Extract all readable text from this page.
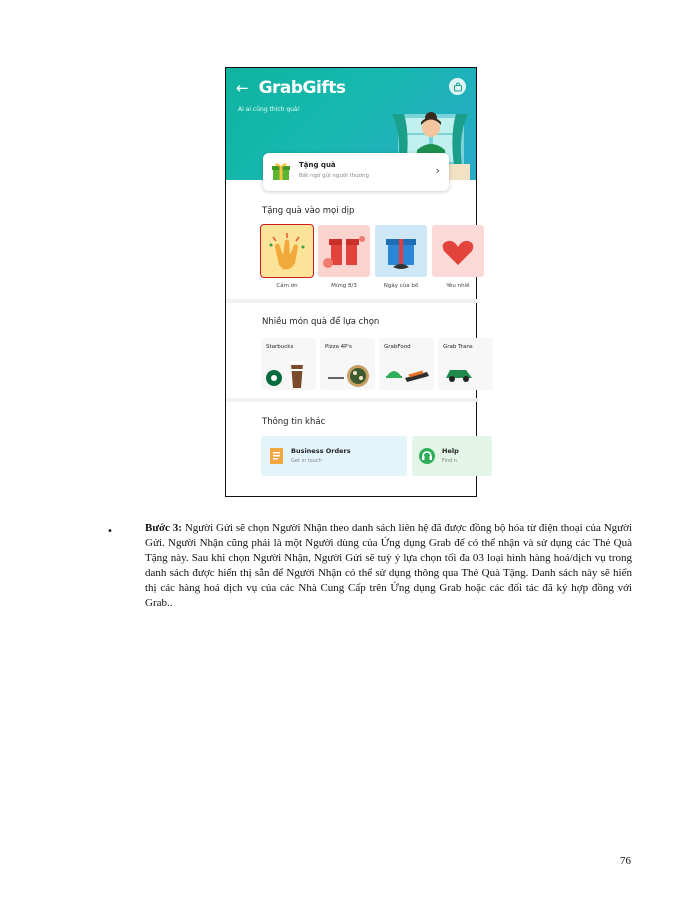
← GrabGifts
Ai ai cũng thích quà!
Tặng quà
Bất ngờ gửi người thương	›
Tặng quà vào mọi dịp
Cảm ơn	Mừng 8/3	Ngày của bố	Yêu nhiề
Nhiều món quà để lựa chọn
Starbucks	Pizza 4P's	GrabFood	Grab Trans
Thông tin khác
Business Orders
Get in touch
Help
Find n
•	Bước 3: Người Gửi sẽ chọn Người Nhận theo danh sách liên hệ đã được đồng bộ hóa từ điện thoại của Người Gửi. Người Nhận cũng phải là một Người dùng của Ứng dụng Grab để có thể nhận và sử dụng các Thẻ Quà Tặng này. Sau khi chọn Người Nhận, Người Gửi sẽ tuỳ ý lựa chọn tối đa 03 loại hình hàng hoá/dịch vụ trong danh sách được hiển thị sẵn để Người Nhận có thể sử dụng thông qua Thẻ Quà Tặng. Danh sách này sẽ hiển thị các hàng hoá dịch vụ của các Nhà Cung Cấp trên Ứng dụng Grab hoặc các đối tác đã ký hợp đồng với Grab..
76
